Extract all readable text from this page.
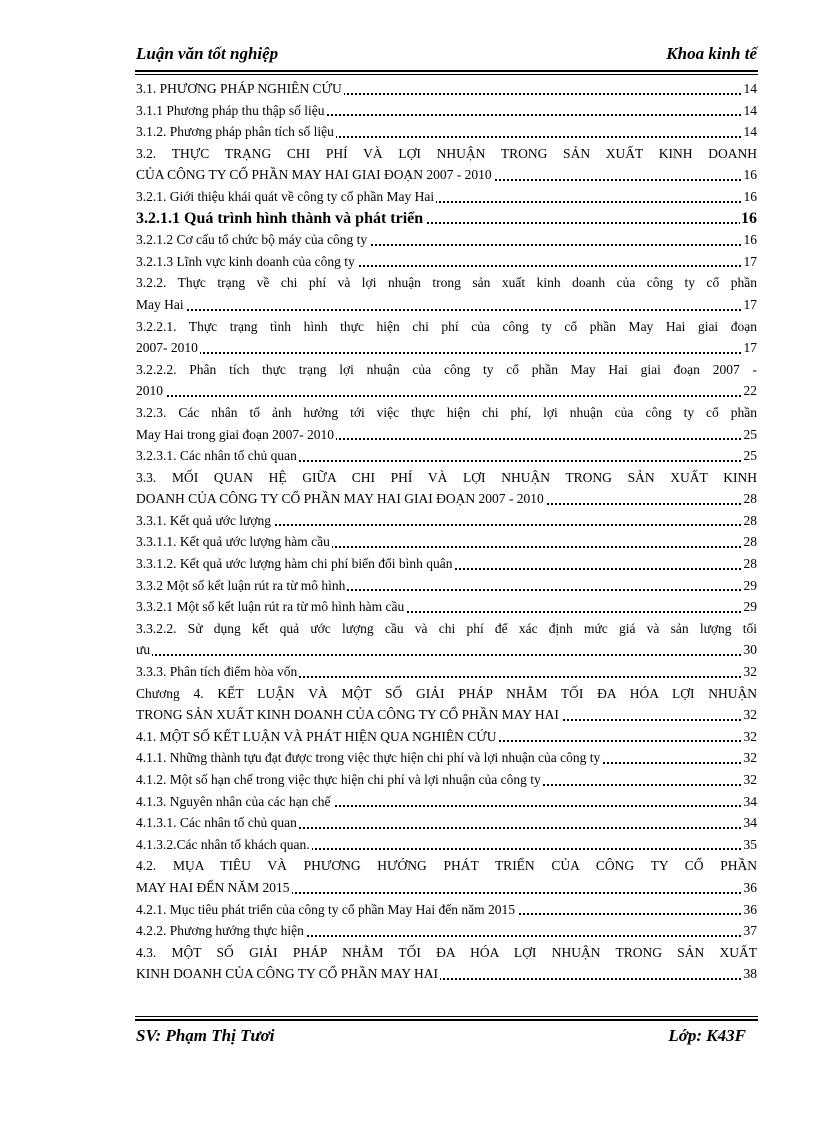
Luận văn tốt nghiệp	Khoa kinh tế
3.1. PHƯƠNG PHÁP NGHIÊN CỨU	14
3.1.1 Phương pháp thu thập số liệu	14
3.1.2. Phương pháp phân tích số liệu	14
3.2. THỰC TRẠNG CHI PHÍ VÀ LỢI NHUẬN TRONG SẢN XUẤT KINH DOANH
CỦA CÔNG TY CỔ PHẦN MAY HAI GIAI ĐOẠN 2007 - 2010	16
3.2.1. Giới thiệu khái quát về công ty cổ phần May Hai	16
3.2.1.1 Quá trình hình thành và phát triển	16
3.2.1.2 Cơ cấu tổ chức bộ máy của công ty	16
3.2.1.3 Lĩnh vực kinh doanh của công ty	17
3.2.2. Thực trạng về chi phí và lợi nhuận trong sản xuất kinh doanh của công ty cổ phần
May Hai	17
3.2.2.1. Thực trạng tình hình thực hiện chi phí của công ty cổ phần May Hai giai đoạn
2007- 2010	17
3.2.2.2. Phân tích thực trạng lợi nhuận của công ty cổ phần May Hai giai đoạn 2007 -
2010	22
3.2.3. Các nhân tố ảnh hưởng tới việc thực hiện chi phí, lợi nhuận của công ty cổ phần
May Hai trong giai đoạn 2007- 2010	25
3.2.3.1. Các nhân tố chủ quan	25
3.3. MỐI QUAN HỆ GIỮA CHI PHÍ VÀ LỢI NHUẬN TRONG SẢN XUẤT KINH
DOANH CỦA CÔNG TY CỔ PHẦN MAY HAI GIAI ĐOẠN 2007 - 2010	28
3.3.1. Kết quả ước lượng	28
3.3.1.1. Kết quả ước lượng hàm cầu	28
3.3.1.2. Kết quả ước lượng hàm chi phí biến đổi bình quân	28
3.3.2 Một số kết luận rút ra từ mô hình	29
3.3.2.1 Một số kết luận rút ra từ mô hình hàm cầu	29
3.3.2.2. Sử dụng kết quả ước lượng cầu và chi phí để xác định mức giá và sản lượng tối
ưu	30
3.3.3. Phân tích điểm hòa vốn	32
Chương 4. KẾT LUẬN VÀ MỘT SỐ GIẢI PHÁP NHẰM TỐI ĐA HÓA LỢI NHUẬN
TRONG SẢN XUẤT KINH DOANH CỦA CÔNG TY CỔ PHẦN MAY HAI	32
4.1. MỘT SỐ KẾT LUẬN VÀ PHÁT HIỆN QUA NGHIÊN CỨU	32
4.1.1. Những thành tựu đạt được trong việc thực hiện chi phí và lợi nhuận của công ty	32
4.1.2. Một số hạn chế trong việc thực hiện chi phí và lợi nhuận của công ty	32
4.1.3. Nguyên nhân của các hạn chế	34
4.1.3.1. Các nhân tố chủ quan	34
4.1.3.2.Các nhân tố khách quan.	35
4.2. MỤA TIÊU VÀ PHƯƠNG HƯỚNG PHÁT TRIỂN CỦA CÔNG TY CỔ PHẦN
MAY HAI ĐẾN NĂM 2015	36
4.2.1. Mục tiêu phát triển của công ty cổ phần May Hai đến năm 2015	36
4.2.2. Phương hướng thực hiện	37
4.3. MỘT SỐ GIẢI PHÁP NHẰM TỐI ĐA HÓA LỢI NHUẬN TRONG SẢN XUẤT
KINH DOANH CỦA CÔNG TY CỔ PHẦN MAY HAI	38
SV: Phạm Thị Tươi	Lớp: K43F
